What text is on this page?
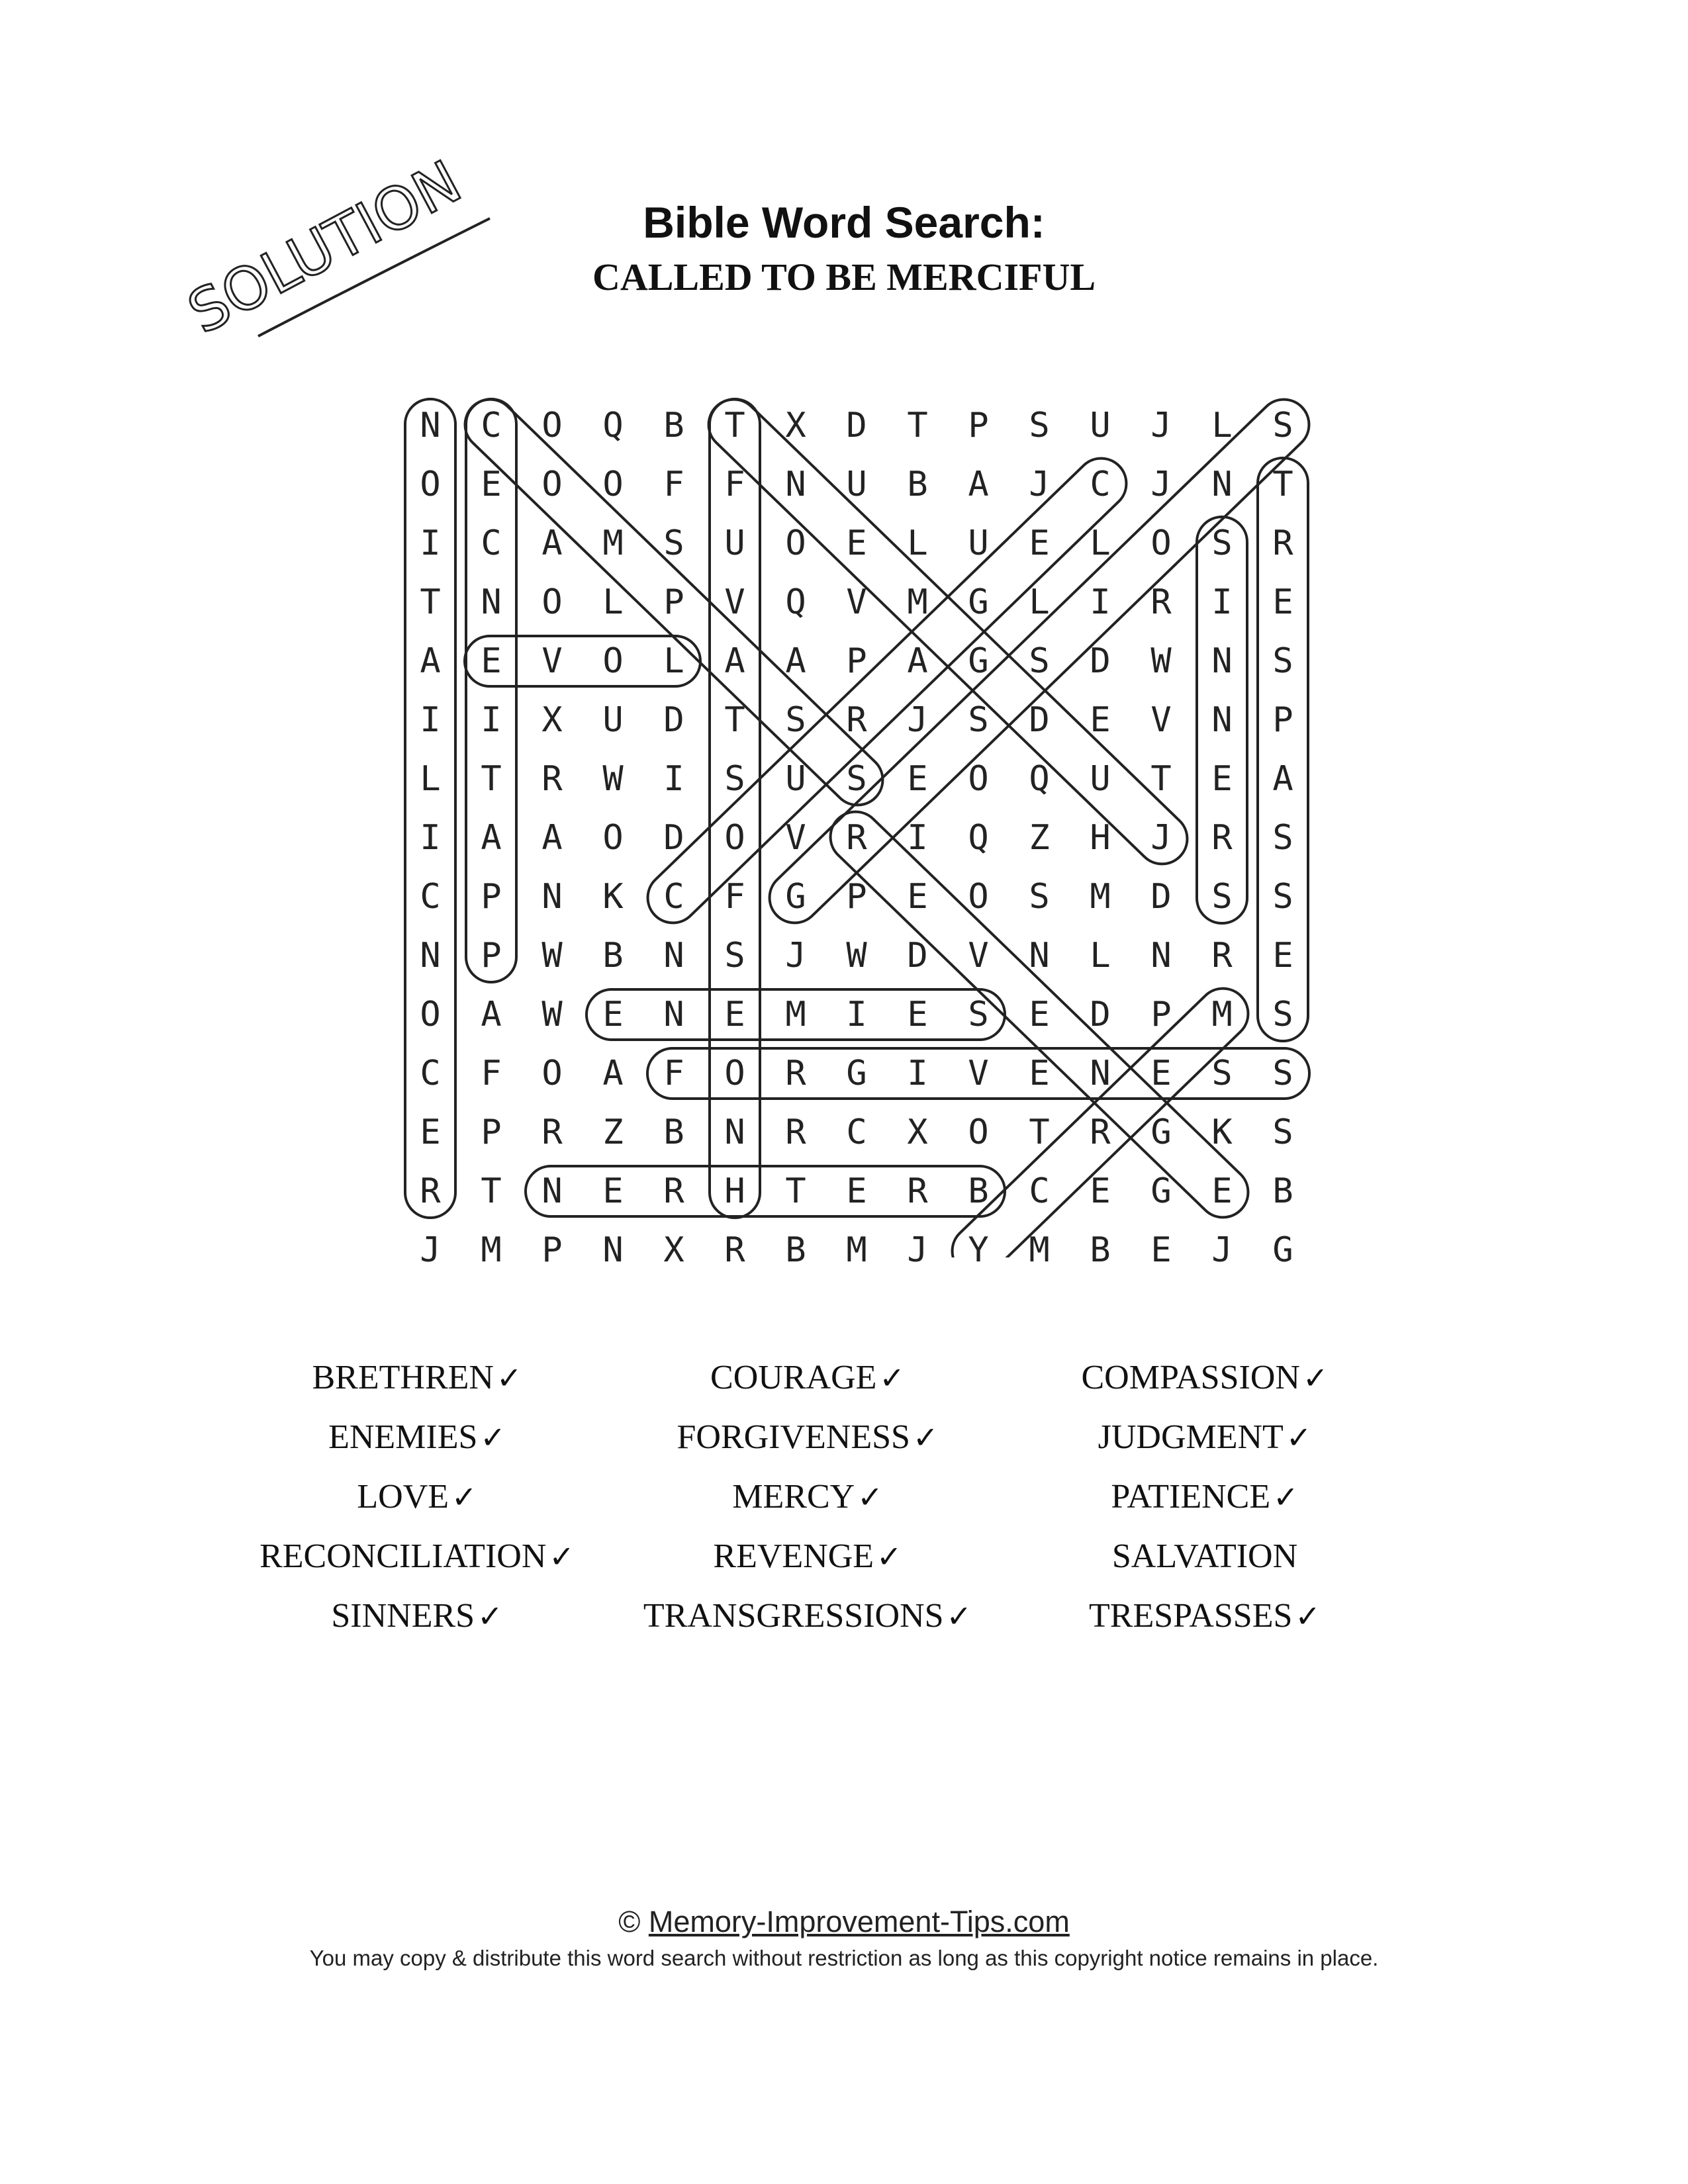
SOLUTION	Bible Word Search:
CALLED TO BE MERCIFUL
N	C	O	Q	B	T	X	D	T	P	S	U	J	L	S
O	E	O	O	F	F	N	U	B	A	J	C	J	N	T
I	C	A	M	S	U	O	E	L	U	E	L	O	S	R
T	N	O	L	P	V	Q	V	M	G	L	I	R	I	E
A	E	V	O	L	A	A	P	A	G	S	D	W	N	S
I	I	X	U	D	T	S	R	J	S	D	E	V	N	P
L	T	R	W	I	S	U	S	E	O	Q	U	T	E	A
I	A	A	O	D	O	V	R	I	Q	Z	H	J	R	S
C	P	N	K	C	F	G	P	E	O	S	M	D	S	S
N	P	W	B	N	S	J	W	D	V	N	L	N	R	E
O	A	W	E	N	E	M	I	E	S	E	D	P	M	S
C	F	O	A	F	O	R	G	I	V	E	N	E	S	S
E	P	R	Z	B	N	R	C	X	O	T	R	G	K	S
R	T	N	E	R	H	T	E	R	B	C	E	G	E	B
J	M	P	N	X	R	B	M	J	Y	M	B	E	J	G
BRETHREN✓	COURAGE✓	COMPASSION✓
ENEMIES✓	FORGIVENESS✓	JUDGMENT✓
LOVE✓	MERCY✓	PATIENCE✓
RECONCILIATION✓	REVENGE✓	SALVATION
SINNERS✓	TRANSGRESSIONS✓	TRESPASSES✓
© Memory-Improvement-Tips.com
You may copy & distribute this word search without restriction as long as this copyright notice remains in place.
